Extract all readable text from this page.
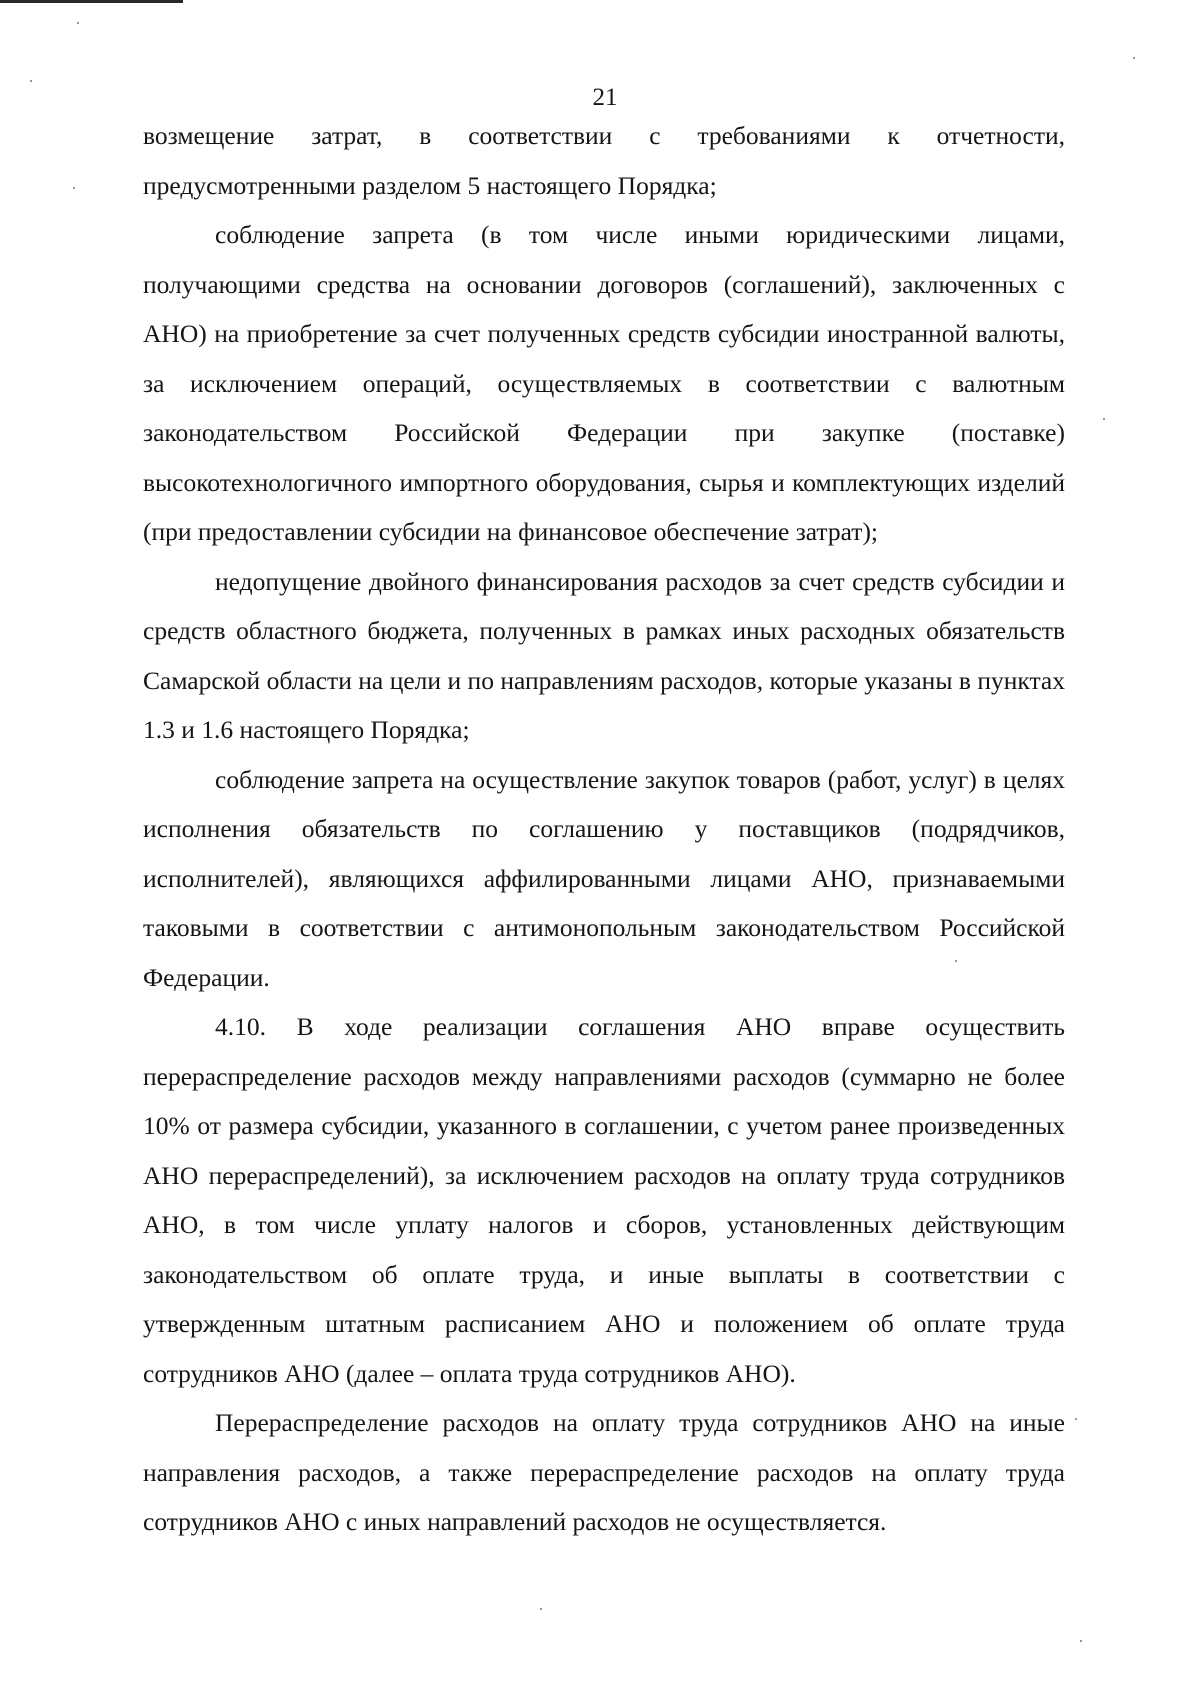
21

возмещение затрат, в соответствии с требованиями к отчетности, предусмотренными разделом 5 настоящего Порядка;

соблюдение запрета (в том числе иными юридическими лицами, получающими средства на основании договоров (соглашений), заключенных с АНО) на приобретение за счет полученных средств субсидии иностранной валюты, за исключением операций, осуществляемых в соответствии с валютным законодательством Российской Федерации при закупке (поставке) высокотехнологичного импортного оборудования, сырья и комплектующих изделий (при предоставлении субсидии на финансовое обеспечение затрат);

недопущение двойного финансирования расходов за счет средств субсидии и средств областного бюджета, полученных в рамках иных расходных обязательств Самарской области на цели и по направлениям расходов, которые указаны в пунктах 1.3 и 1.6 настоящего Порядка;

соблюдение запрета на осуществление закупок товаров (работ, услуг) в целях исполнения обязательств по соглашению у поставщиков (подрядчиков, исполнителей), являющихся аффилированными лицами АНО, признаваемыми таковыми в соответствии с антимонопольным законодательством Российской Федерации.

4.10. В ходе реализации соглашения АНО вправе осуществить перераспределение расходов между направлениями расходов (суммарно не более 10% от размера субсидии, указанного в соглашении, с учетом ранее произведенных АНО перераспределений), за исключением расходов на оплату труда сотрудников АНО, в том числе уплату налогов и сборов, установленных действующим законодательством об оплате труда, и иные выплаты в соответствии с утвержденным штатным расписанием АНО и положением об оплате труда сотрудников АНО (далее – оплата труда сотрудников АНО).

Перераспределение расходов на оплату труда сотрудников АНО на иные направления расходов, а также перераспределение расходов на оплату труда сотрудников АНО с иных направлений расходов не осуществляется.
